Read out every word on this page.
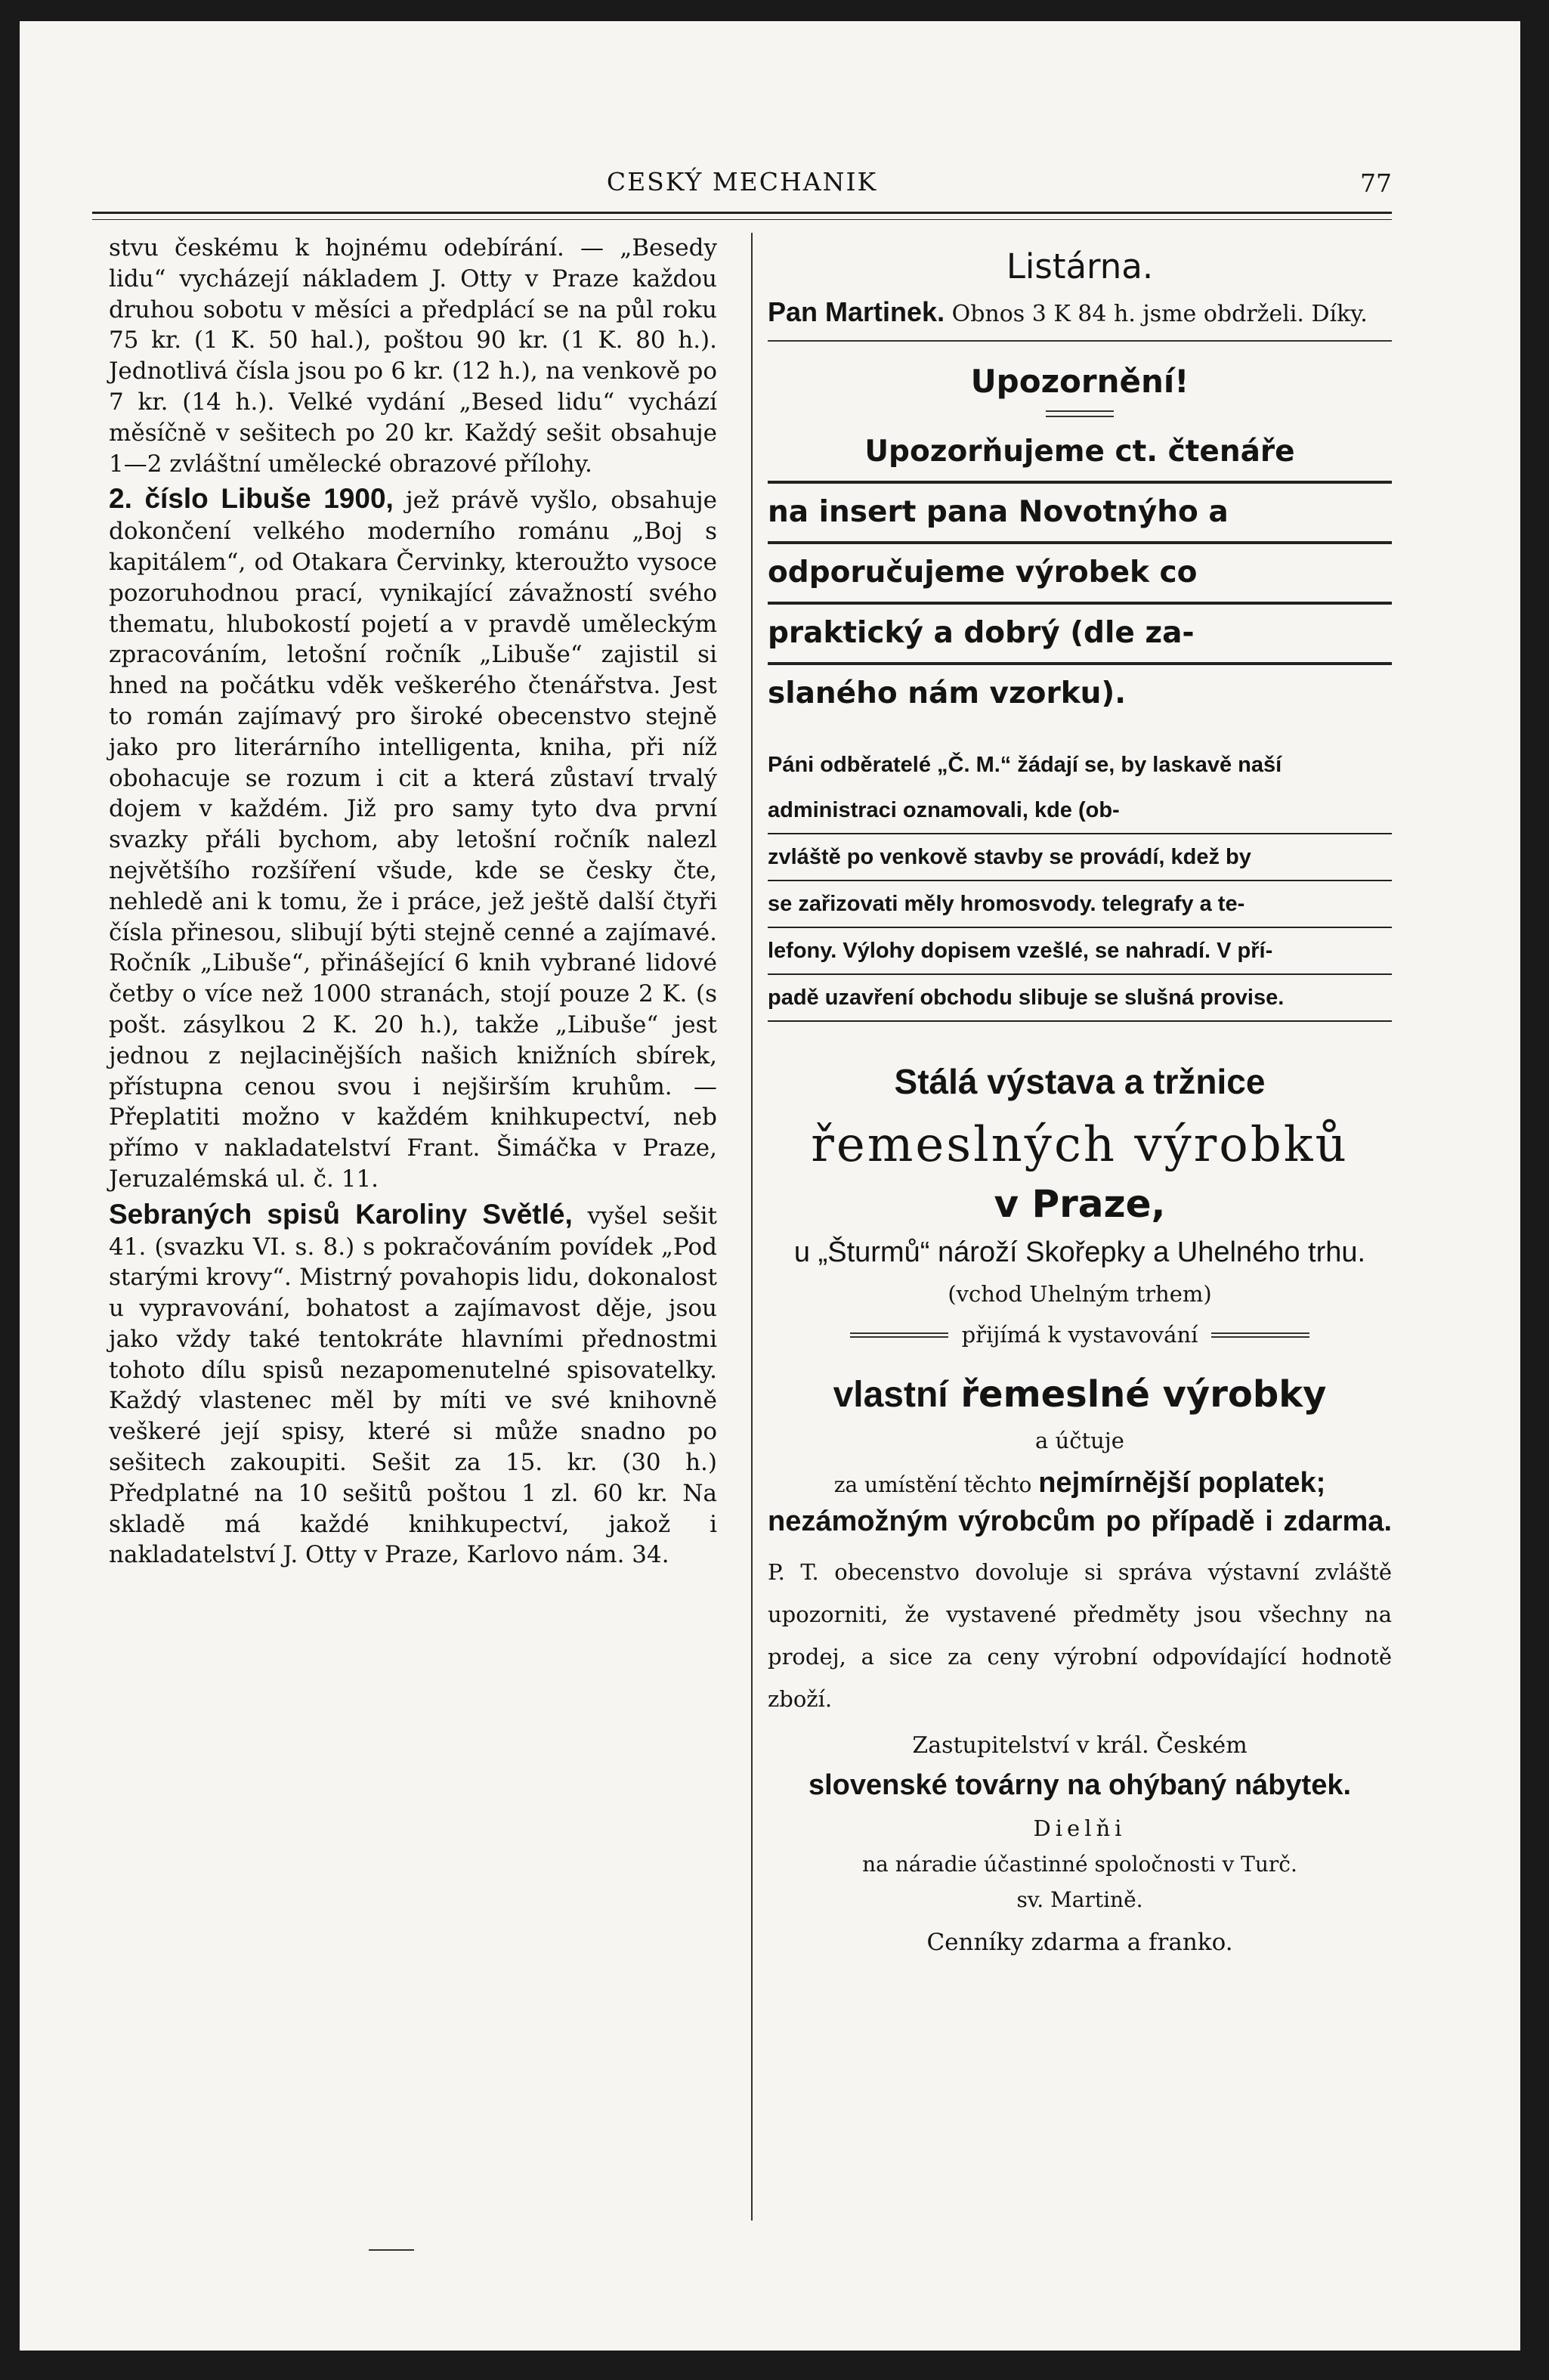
CESKÝ MECHANIK	77

stvu českému k hojnému odebírání. — „Besedy lidu“ vycházejí nákladem J. Otty v Praze každou druhou sobotu v měsíci a předplácí se na půl roku 75 kr. (1 K. 50 hal.), poštou 90 kr. (1 K. 80 h.). Jednotlivá čísla jsou po 6 kr. (12 h.), na venkově po 7 kr. (14 h.). Velké vydání „Besed lidu“ vychází měsíčně v sešitech po 20 kr. Každý sešit obsahuje 1—2 zvláštní umělecké obrazové přílohy.

2. číslo Libuše 1900, jež právě vyšlo, obsahuje dokončení velkého moderního románu „Boj s kapitálem“, od Otakara Červinky, kteroužto vysoce pozoruhodnou prací, vynikající závažností svého thematu, hlubokostí pojetí a v pravdě uměleckým zpracováním, letošní ročník „Libuše“ zajistil si hned na počátku vděk veškerého čtenářstva. Jest to román zajímavý pro široké obecenstvo stejně jako pro literárního intelligenta, kniha, při níž obohacuje se rozum i cit a která zůstaví trvalý dojem v každém. Již pro samy tyto dva první svazky přáli bychom, aby letošní ročník nalezl největšího rozšíření všude, kde se česky čte, nehledě ani k tomu, že i práce, jež ještě další čtyři čísla přinesou, slibují býti stejně cenné a zajímavé. Ročník „Libuše“, přinášející 6 knih vybrané lidové četby o více než 1000 stranách, stojí pouze 2 K. (s pošt. zásylkou 2 K. 20 h.), takže „Libuše“ jest jednou z nejlacinějších našich knižních sbírek, přístupna cenou svou i nejširším kruhům. — Přeplatiti možno v každém knihkupectví, neb přímo v nakladatelství Frant. Šimáčka v Praze, Jeruzalémská ul. č. 11.

Sebraných spisů Karoliny Světlé, vyšel sešit 41. (svazku VI. s. 8.) s pokračováním povídek „Pod starými krovy“. Mistrný povahopis lidu, dokonalost u vypravování, bohatost a zajímavost děje, jsou jako vždy také tentokráte hlavními přednostmi tohoto dílu spisů nezapomenutelné spisovatelky. Každý vlastenec měl by míti ve své knihovně veškeré její spisy, které si může snadno po sešitech zakoupiti. Sešit za 15. kr. (30 h.) Předplatné na 10 sešitů poštou 1 zl. 60 kr. Na skladě má každé knihkupectví, jakož i nakladatelství J. Otty v Praze, Karlovo nám. 34.

Listárna.
Pan Martinek. Obnos 3 K 84 h. jsme obdrželi. Díky.
Upozornění!
Upozorňujeme ct. čtenáře
na insert pana Novotnýho a
odporučujeme výrobek co
praktický a dobrý (dle za-
slaného nám vzorku).
Páni odběratelé „Č. M.“ žádají se, by laskavě naší administraci oznamovali, kde (ob-
zvláště po venkově stavby se provádí, kdež by
se zařizovati měly hromosvody. telegrafy a te-
lefony. Výlohy dopisem vzešlé, se nahradí. V pří-
padě uzavření obchodu slibuje se slušná provise.
Stálá výstava a tržnice
řemeslných výrobků
v Praze,
u „Šturmů“ nároží Skořepky a Uhelného trhu.
(vchod Uhelným trhem)
přijímá k vystavování
vlastní řemeslné výrobky
a účtuje
za umístění těchto nejmírnější poplatek;
nezámožným výrobcům po případě i zdarma.
P. T. obecenstvo dovoluje si správa výstavní zvláště upozorniti, že vystavené předměty jsou všechny na prodej, a sice za ceny výrobní odpovídající hodnotě zboží.
Zastupitelství v král. Českém
slovenské továrny na ohýbaný nábytek.
Dielňi
na náradie účastinné spoločnosti v Turč.
sv. Martině.
Cenníky zdarma a franko.
